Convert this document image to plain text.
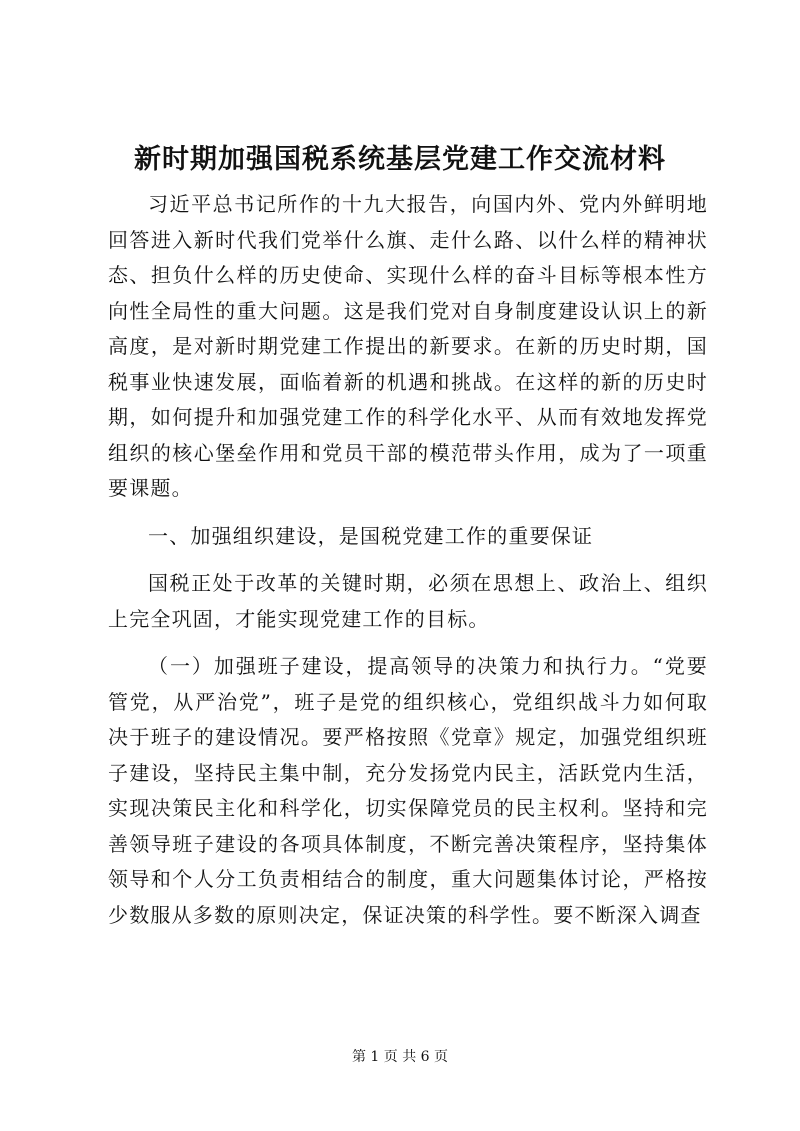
新时期加强国税系统基层党建工作交流材料

习近平总书记所作的十九大报告，向国内外、党内外鲜明地回答进入新时代我们党举什么旗、走什么路、以什么样的精神状态、担负什么样的历史使命、实现什么样的奋斗目标等根本性方向性全局性的重大问题。这是我们党对自身制度建设认识上的新高度，是对新时期党建工作提出的新要求。在新的历史时期，国税事业快速发展，面临着新的机遇和挑战。在这样的新的历史时期，如何提升和加强党建工作的科学化水平、从而有效地发挥党组织的核心堡垒作用和党员干部的模范带头作用，成为了一项重要课题。

一、加强组织建设，是国税党建工作的重要保证

国税正处于改革的关键时期，必须在思想上、政治上、组织上完全巩固，才能实现党建工作的目标。

（一）加强班子建设，提高领导的决策力和执行力。“党要管党，从严治党”，班子是党的组织核心，党组织战斗力如何取决于班子的建设情况。要严格按照《党章》规定，加强党组织班子建设，坚持民主集中制，充分发扬党内民主，活跃党内生活，实现决策民主化和科学化，切实保障党员的民主权利。坚持和完善领导班子建设的各项具体制度，不断完善决策程序，坚持集体领导和个人分工负责相结合的制度，重大问题集体讨论，严格按少数服从多数的原则决定，保证决策的科学性。要不断深入调查

第 1 页 共 6 页
